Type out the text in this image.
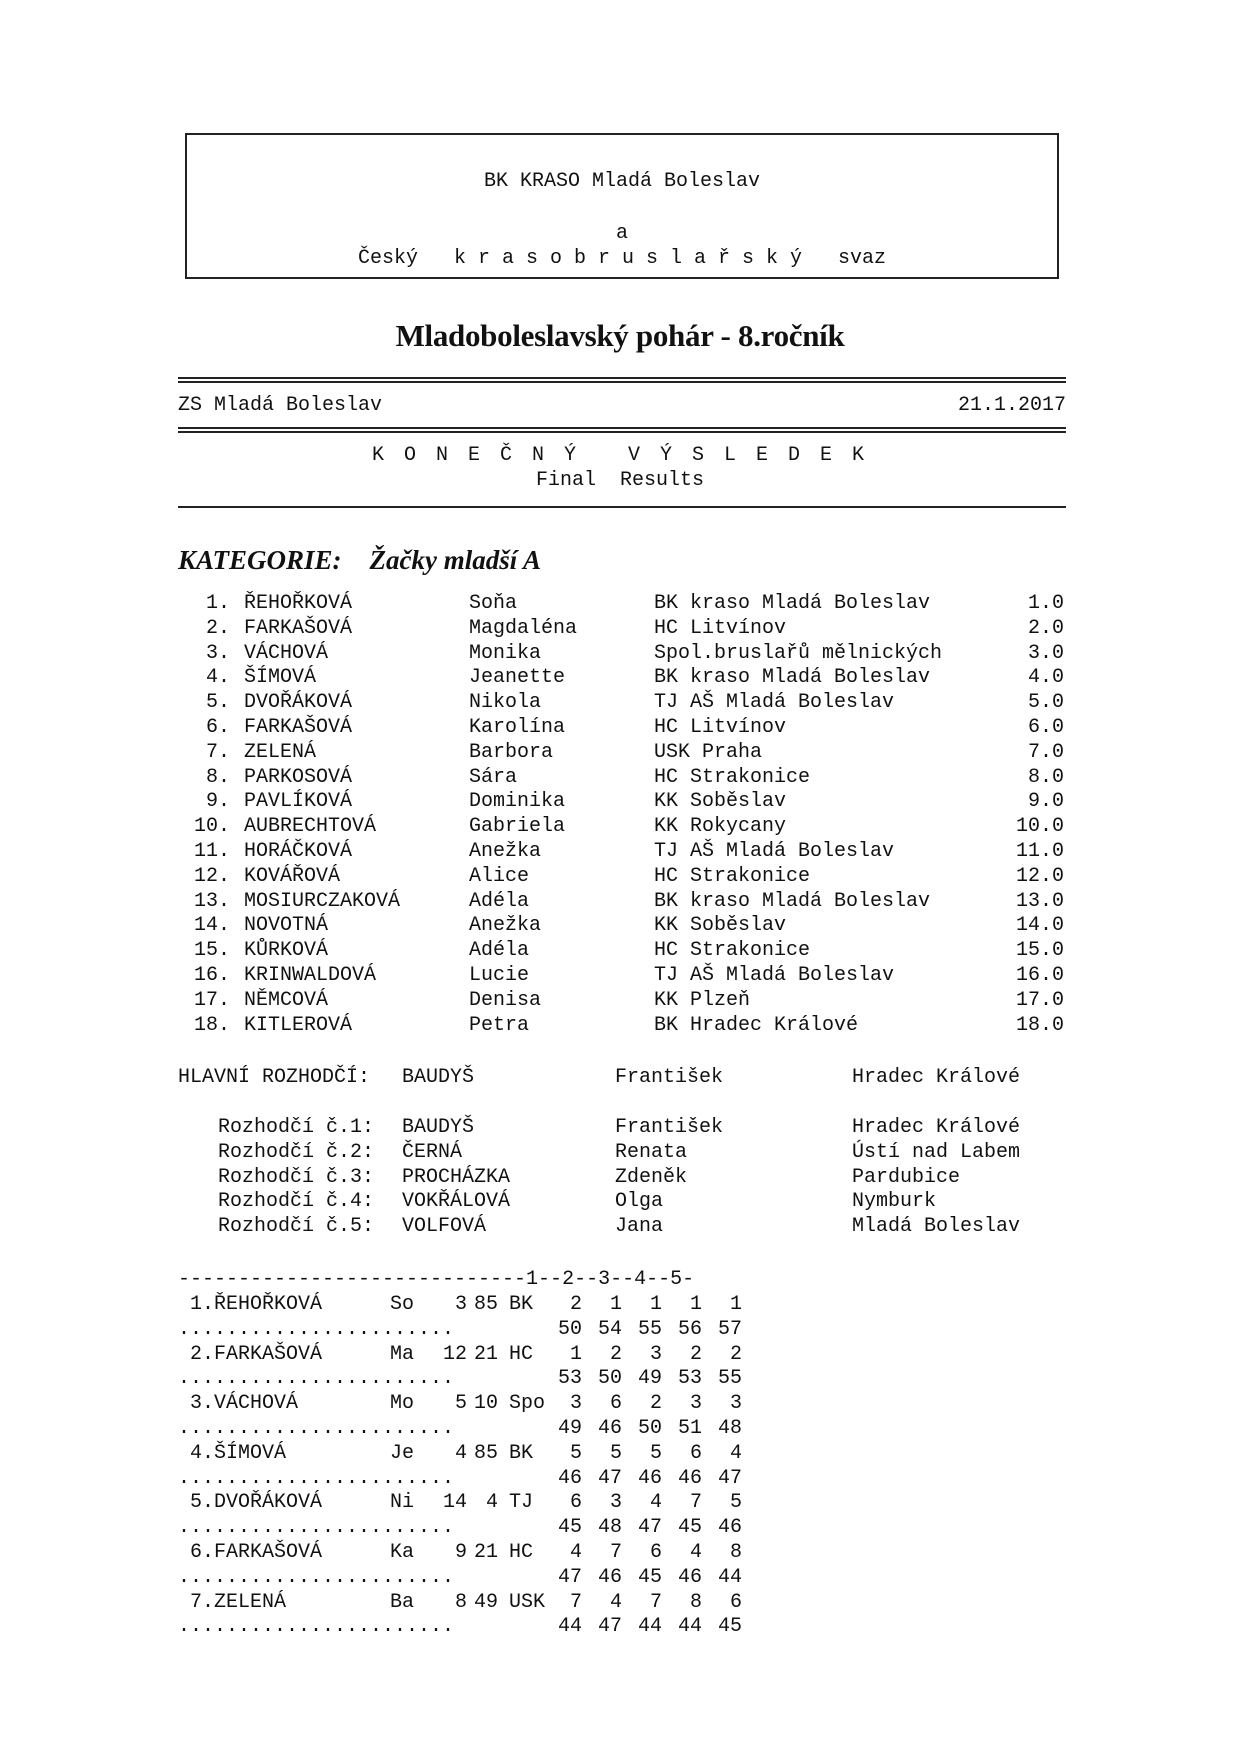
BK KRASO Mladá Boleslav
a
Český   k r a s o b r u s l a ř s k ý   svaz
Mladoboleslavský pohár - 8.ročník
ZS Mladá Boleslav	21.1.2017
K O N E Č N Ý   V Ý S L E D E K
Final  Results
KATEGORIE: Žačky mladší A
1. ŘEHOŘKOVÁ	Soňa	BK kraso Mladá Boleslav	1.0
2. FARKAŠOVÁ	Magdaléna	HC Litvínov	2.0
3. VÁCHOVÁ	Monika	Spol.bruslařů mělnických	3.0
4. ŠÍMOVÁ	Jeanette	BK kraso Mladá Boleslav	4.0
5. DVOŘÁKOVÁ	Nikola	TJ AŠ Mladá Boleslav	5.0
6. FARKAŠOVÁ	Karolína	HC Litvínov	6.0
7. ZELENÁ	Barbora	USK Praha	7.0
8. PARKOSOVÁ	Sára	HC Strakonice	8.0
9. PAVLÍKOVÁ	Dominika	KK Soběslav	9.0
10. AUBRECHTOVÁ	Gabriela	KK Rokycany	10.0
11. HORÁČKOVÁ	Anežka	TJ AŠ Mladá Boleslav	11.0
12. KOVÁŘOVÁ	Alice	HC Strakonice	12.0
13. MOSIURCZAKOVÁ	Adéla	BK kraso Mladá Boleslav	13.0
14. NOVOTNÁ	Anežka	KK Soběslav	14.0
15. KŮRKOVÁ	Adéla	HC Strakonice	15.0
16. KRINWALDOVÁ	Lucie	TJ AŠ Mladá Boleslav	16.0
17. NĚMCOVÁ	Denisa	KK Plzeň	17.0
18. KITLEROVÁ	Petra	BK Hradec Králové	18.0
HLAVNÍ ROZHODČÍ: BAUDYŠ	František	Hradec Králové
Rozhodčí č.1: BAUDYŠ	František	Hradec Králové
Rozhodčí č.2: ČERNÁ	Renata	Ústí nad Labem
Rozhodčí č.3: PROCHÁZKA	Zdeněk	Pardubice
Rozhodčí č.4: VOKŘÁLOVÁ	Olga	Nymburk
Rozhodčí č.5: VOLFOVÁ	Jana	Mladá Boleslav
-----------------------------1--2--3--4--5-
1.ŘEHOŘKOVÁ	So	3 85 BK	2	1	1	1	1
.......................	50 54 55 56 57
2.FARKAŠOVÁ	Ma	12 21 HC	1	2	3	2	2
.......................	53 50 49 53 55
3.VÁCHOVÁ	Mo	5 10 Spo	3	6	2	3	3
.......................	49 46 50 51 48
4.ŠÍMOVÁ	Je	4 85 BK	5	5	5	6	4
.......................	46 47 46 46 47
5.DVOŘÁKOVÁ	Ni	14 4 TJ	6	3	4	7	5
.......................	45 48 47 45 46
6.FARKAŠOVÁ	Ka	9 21 HC	4	7	6	4	8
.......................	47 46 45 46 44
7.ZELENÁ	Ba	8 49 USK	7	4	7	8	6
.......................	44 47 44 44 45
